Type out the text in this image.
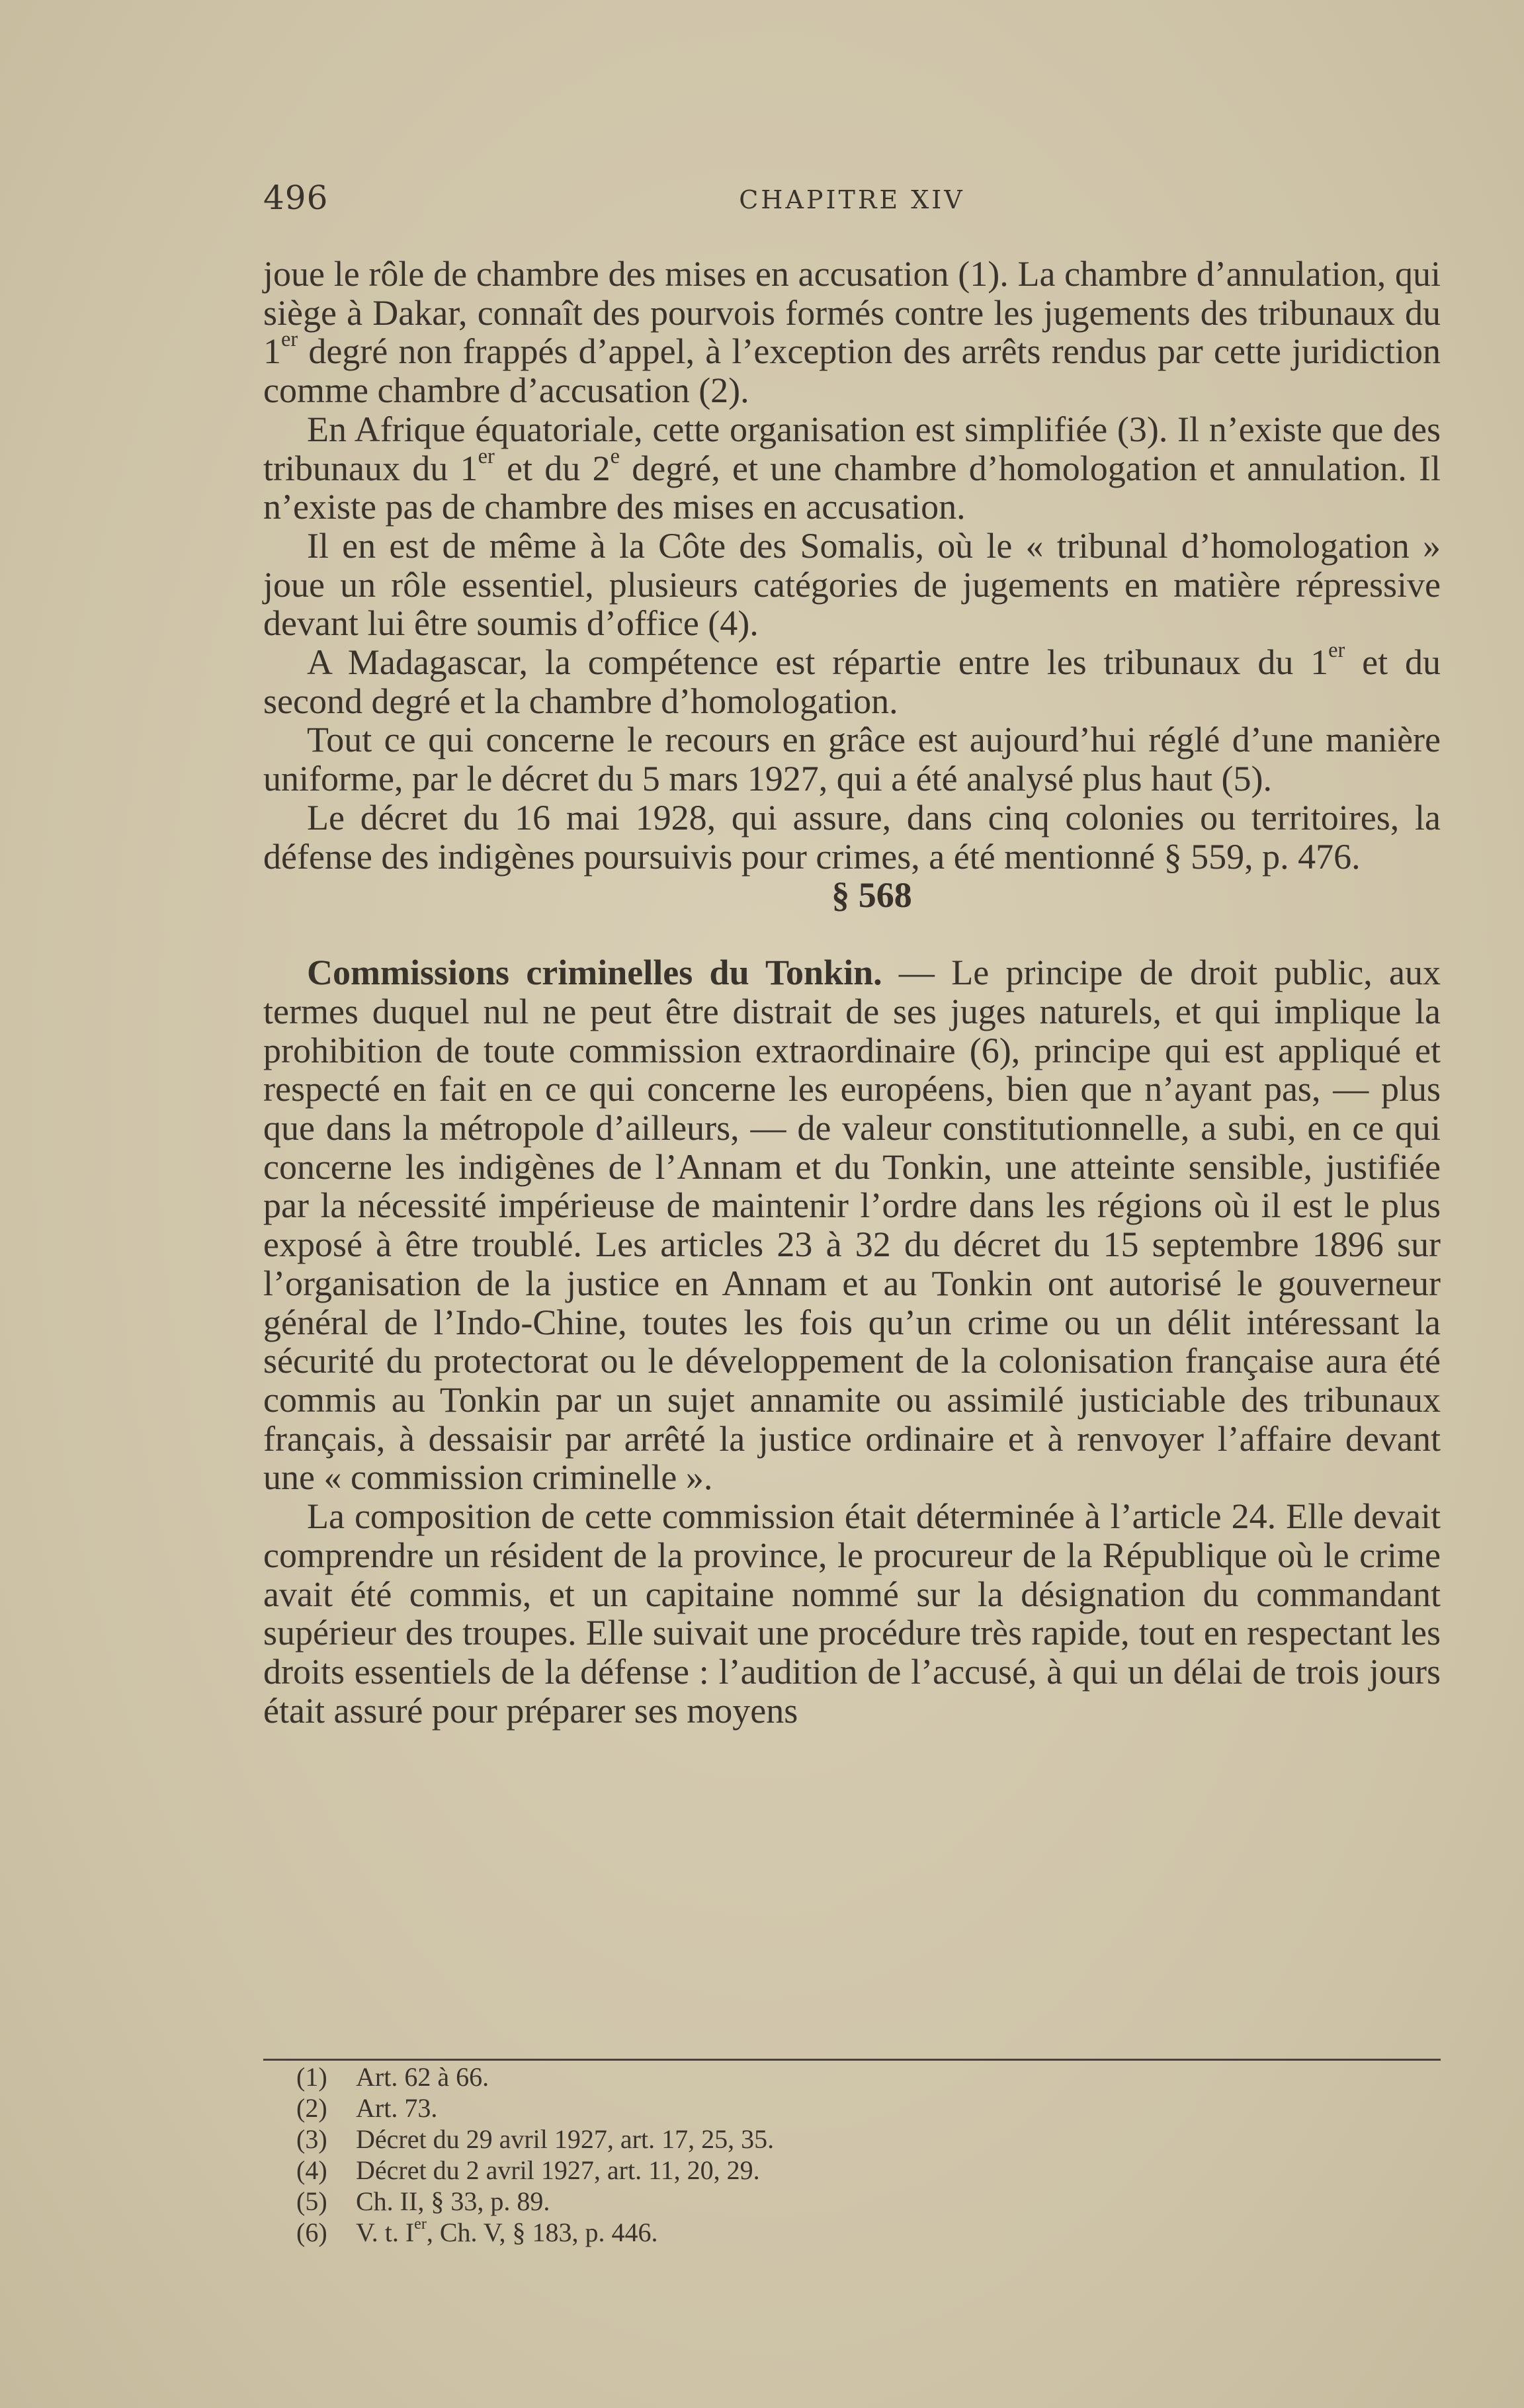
496	CHAPITRE XIV

joue le rôle de chambre des mises en accusation (1). La chambre d’annulation, qui siège à Dakar, connaît des pourvois formés contre les jugements des tribunaux du 1er degré non frappés d’appel, à l’exception des arrêts rendus par cette juridiction comme chambre d’accusation (2).

En Afrique équatoriale, cette organisation est simplifiée (3). Il n’existe que des tribunaux du 1er et du 2e degré, et une chambre d’homologation et annulation. Il n’existe pas de chambre des mises en accusation.

Il en est de même à la Côte des Somalis, où le « tribunal d’homologation » joue un rôle essentiel, plusieurs catégories de jugements en matière répressive devant lui être soumis d’office (4).

A Madagascar, la compétence est répartie entre les tribunaux du 1er et du second degré et la chambre d’homologation.

Tout ce qui concerne le recours en grâce est aujourd’hui réglé d’une manière uniforme, par le décret du 5 mars 1927, qui a été analysé plus haut (5).

Le décret du 16 mai 1928, qui assure, dans cinq colonies ou territoires, la défense des indigènes poursuivis pour crimes, a été mentionné § 559, p. 476.

§ 568

Commissions criminelles du Tonkin. — Le principe de droit public, aux termes duquel nul ne peut être distrait de ses juges naturels, et qui implique la prohibition de toute commission extraordinaire (6), principe qui est appliqué et respecté en fait en ce qui concerne les européens, bien que n’ayant pas, — plus que dans la métropole d’ailleurs, — de valeur constitutionnelle, a subi, en ce qui concerne les indigènes de l’Annam et du Tonkin, une atteinte sensible, justifiée par la nécessité impérieuse de maintenir l’ordre dans les régions où il est le plus exposé à être troublé. Les articles 23 à 32 du décret du 15 septembre 1896 sur l’organisation de la justice en Annam et au Tonkin ont autorisé le gouverneur général de l’Indo-Chine, toutes les fois qu’un crime ou un délit intéressant la sécurité du protectorat ou le développement de la colonisation française aura été commis au Tonkin par un sujet annamite ou assimilé justiciable des tribunaux français, à dessaisir par arrêté la justice ordinaire et à renvoyer l’affaire devant une « commission criminelle ».

La composition de cette commission était déterminée à l’article 24. Elle devait comprendre un résident de la province, le procureur de la République où le crime avait été commis, et un capitaine nommé sur la désignation du commandant supérieur des troupes. Elle suivait une procédure très rapide, tout en respectant les droits essentiels de la défense : l’audition de l’accusé, à qui un délai de trois jours était assuré pour préparer ses moyens

(1) Art. 62 à 66.

(2) Art. 73.

(3) Décret du 29 avril 1927, art. 17, 25, 35.

(4) Décret du 2 avril 1927, art. 11, 20, 29.

(5) Ch. II, § 33, p. 89.

(6) V. t. Ier, Ch. V, § 183, p. 446.
